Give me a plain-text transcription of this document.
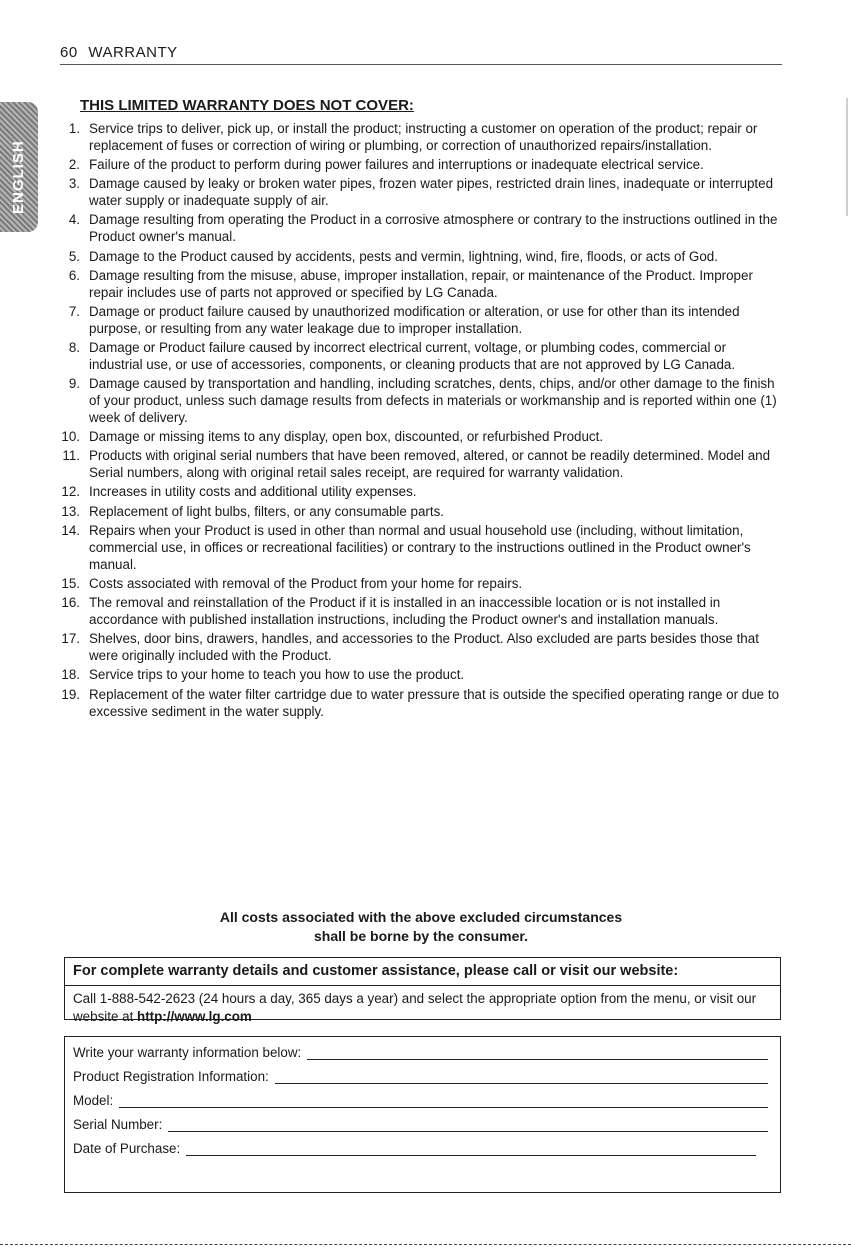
60 WARRANTY
ENGLISH
THIS LIMITED WARRANTY DOES NOT COVER:
1. Service trips to deliver, pick up, or install the product; instructing a customer on operation of the product; repair or replacement of fuses or correction of wiring or plumbing, or correction of unauthorized repairs/installation.
2. Failure of the product to perform during power failures and interruptions or inadequate electrical service.
3. Damage caused by leaky or broken water pipes, frozen water pipes, restricted drain lines, inadequate or interrupted water supply or inadequate supply of air.
4. Damage resulting from operating the Product in a corrosive atmosphere or contrary to the instructions outlined in the Product owner's manual.
5. Damage to the Product caused by accidents, pests and vermin, lightning, wind, fire, floods, or acts of God.
6. Damage resulting from the misuse, abuse, improper installation, repair, or maintenance of the Product. Improper repair includes use of parts not approved or specified by LG Canada.
7. Damage or product failure caused by unauthorized modification or alteration, or use for other than its intended purpose, or resulting from any water leakage due to improper installation.
8. Damage or Product failure caused by incorrect electrical current, voltage, or plumbing codes, commercial or industrial use, or use of accessories, components, or cleaning products that are not approved by LG Canada.
9. Damage caused by transportation and handling, including scratches, dents, chips, and/or other damage to the finish of your product, unless such damage results from defects in materials or workmanship and is reported within one (1) week of delivery.
10. Damage or missing items to any display, open box, discounted, or refurbished Product.
11. Products with original serial numbers that have been removed, altered, or cannot be readily determined. Model and Serial numbers, along with original retail sales receipt, are required for warranty validation.
12. Increases in utility costs and additional utility expenses.
13. Replacement of light bulbs, filters, or any consumable parts.
14. Repairs when your Product is used in other than normal and usual household use (including, without limitation, commercial use, in offices or recreational facilities) or contrary to the instructions outlined in the Product owner's manual.
15. Costs associated with removal of the Product from your home for repairs.
16. The removal and reinstallation of the Product if it is installed in an inaccessible location or is not installed in accordance with published installation instructions, including the Product owner's and installation manuals.
17. Shelves, door bins, drawers, handles, and accessories to the Product. Also excluded are parts besides those that were originally included with the Product.
18. Service trips to your home to teach you how to use the product.
19. Replacement of the water filter cartridge due to water pressure that is outside the specified operating range or due to excessive sediment in the water supply.
All costs associated with the above excluded circumstances
shall be borne by the consumer.
For complete warranty details and customer assistance, please call or visit our website:
Call 1-888-542-2623 (24 hours a day, 365 days a year) and select the appropriate option from the menu, or visit our website at http://www.lg.com
Write your warranty information below:
Product Registration Information:
Model:
Serial Number:
Date of Purchase:
